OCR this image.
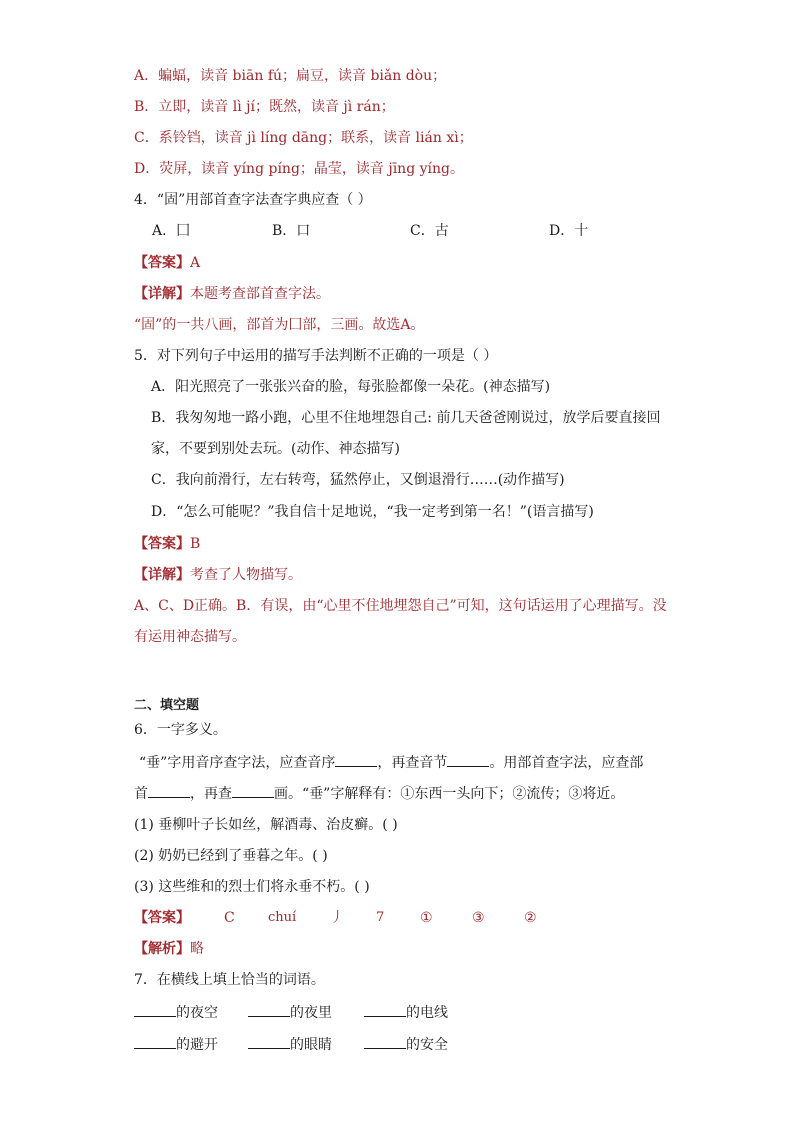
A．蝙蝠，读音 biān fú；扁豆，读音 biǎn dòu；
B．立即，读音 lì jí；既然，读音 jì rán；
C．系铃铛，读音 jì líng dāng；联系，读音 lián xì；
D．荧屏，读音 yíng píng；晶莹，读音 jīng yíng。
4．“固”用部首查字法查字典应查（ ）
A．囗	B．口	C．古	D．十
【答案】A
【详解】本题考查部首查字法。
“固”的一共八画，部首为囗部，三画。故选A。
5．对下列句子中运用的描写手法判断不正确的一项是（ ）
A．阳光照亮了一张张兴奋的脸，每张脸都像一朵花。(神态描写)
B．我匆匆地一路小跑，心里不住地埋怨自己: 前几天爸爸刚说过，放学后要直接回
家，不要到别处去玩。(动作、神态描写)
C．我向前滑行，左右转弯，猛然停止，又倒退滑行……(动作描写)
D．“怎么可能呢？”我自信十足地说，“我一定考到第一名！”(语言描写)
【答案】B
【详解】考查了人物描写。
A、C、D正确。B．有误，由“心里不住地埋怨自己”可知，这句话运用了心理描写。没
有运用神态描写。
二、填空题
6．一字多义。
“垂”字用音序查字法，应查音序	，再查音节	。用部首查字法，应查部
首	，再查	画。“垂”字解释有：①东西一头向下；②流传；③将近。
(1) 垂柳叶子长如丝，解酒毒、治皮癣。( )
(2) 奶奶已经到了垂暮之年。( )
(3) 这些维和的烈士们将永垂不朽。( )
【答案】 C	chuí 丿 7	①	③	②
【解析】略
7．在横线上填上恰当的词语。
的夜空	的夜里	的电线
的避开	的眼睛	的安全
